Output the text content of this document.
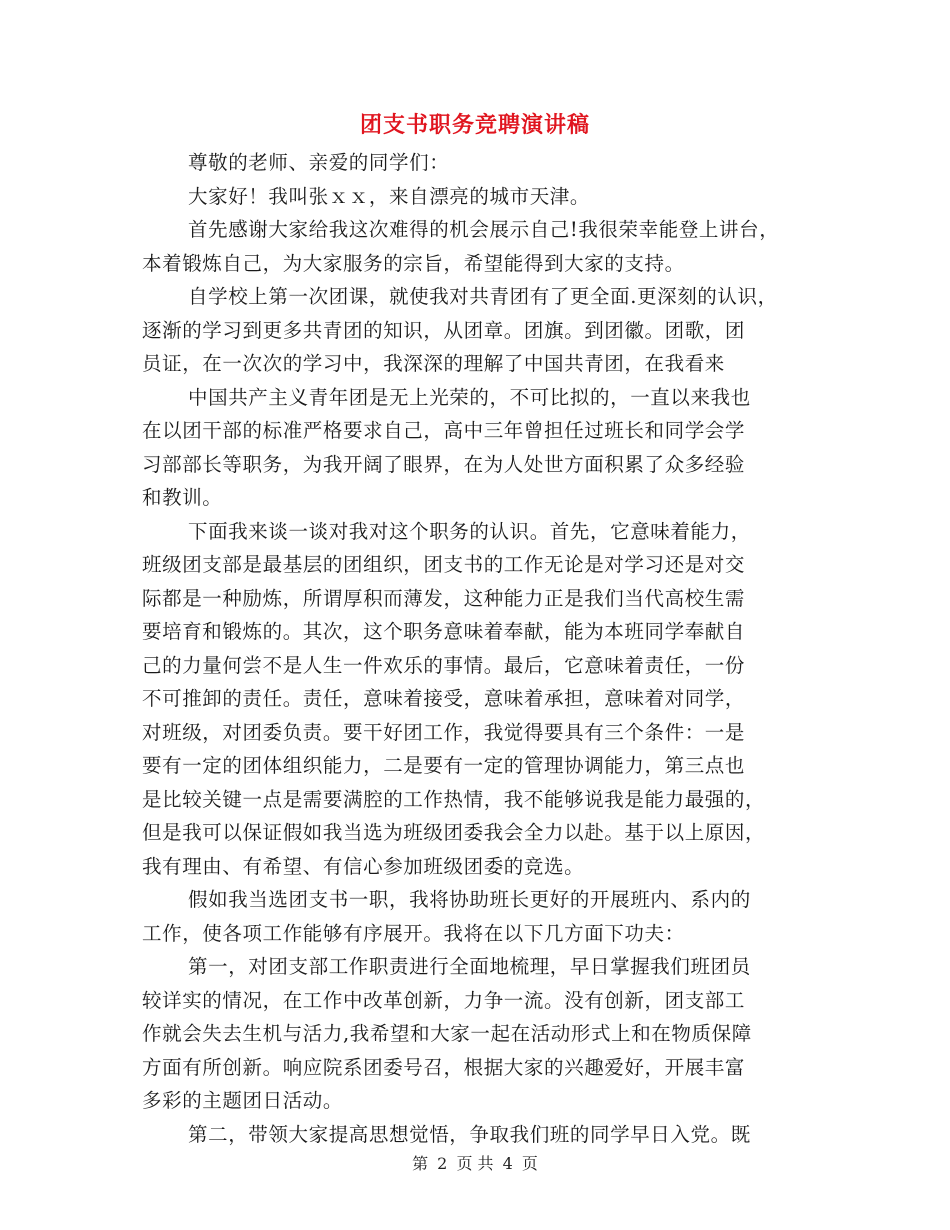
团支书职务竞聘演讲稿
尊敬的老师、亲爱的同学们：
大家好！我叫张ｘｘ，来自漂亮的城市天津。
首先感谢大家给我这次难得的机会展示自己!我很荣幸能登上讲台，
本着锻炼自己，为大家服务的宗旨，希望能得到大家的支持。
自学校上第一次团课，就使我对共青团有了更全面.更深刻的认识，
逐渐的学习到更多共青团的知识，从团章。团旗。到团徽。团歌，团
员证，在一次次的学习中，我深深的理解了中国共青团，在我看来
中国共产主义青年团是无上光荣的，不可比拟的，一直以来我也
在以团干部的标准严格要求自己，高中三年曾担任过班长和同学会学
习部部长等职务，为我开阔了眼界，在为人处世方面积累了众多经验
和教训。
下面我来谈一谈对我对这个职务的认识。首先，它意味着能力，
班级团支部是最基层的团组织，团支书的工作无论是对学习还是对交
际都是一种励炼，所谓厚积而薄发，这种能力正是我们当代高校生需
要培育和锻炼的。其次，这个职务意味着奉献，能为本班同学奉献自
己的力量何尝不是人生一件欢乐的事情。最后，它意味着责任，一份
不可推卸的责任。责任，意味着接受，意味着承担，意味着对同学，
对班级，对团委负责。要干好团工作，我觉得要具有三个条件：一是
要有一定的团体组织能力，二是要有一定的管理协调能力，第三点也
是比较关键一点是需要满腔的工作热情，我不能够说我是能力最强的，
但是我可以保证假如我当选为班级团委我会全力以赴。基于以上原因，
我有理由、有希望、有信心参加班级团委的竞选。
假如我当选团支书一职，我将协助班长更好的开展班内、系内的
工作，使各项工作能够有序展开。我将在以下几方面下功夫：
第一，对团支部工作职责进行全面地梳理，早日掌握我们班团员
较详实的情况，在工作中改革创新，力争一流。没有创新，团支部工
作就会失去生机与活力,我希望和大家一起在活动形式上和在物质保障
方面有所创新。响应院系团委号召，根据大家的兴趣爱好，开展丰富
多彩的主题团日活动。
第二，带领大家提高思想觉悟，争取我们班的同学早日入党。既
第 2 页 共 4 页
